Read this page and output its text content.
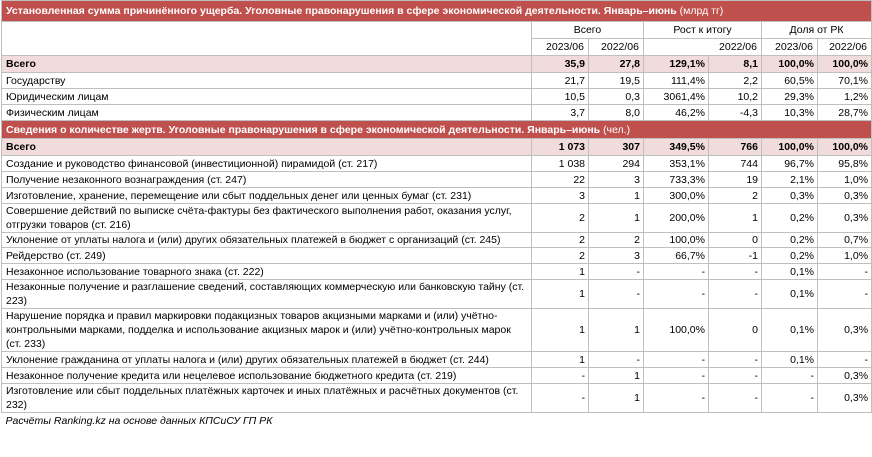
Установленная сумма причинённого ущерба. Уголовные правонарушения в сфере экономической деятельности. Январь–июнь (млрд тг)						
	Всего		Рост к итогу		Доля от РК	
	2023/06	2022/06	2022/06		2023/06	2022/06
Всего	35,9	27,8	129,1%	8,1	100,0%	100,0%
Государству	21,7	19,5	111,4%	2,2	60,5%	70,1%
Юридическим лицам	10,5	0,3	3061,4%	10,2	29,3%	1,2%
Физическим лицам	3,7	8,0	46,2%	-4,3	10,3%	28,7%
Сведения о количестве жертв. Уголовные правонарушения в сфере экономической деятельности. Январь–июнь (чел.)						
Всего	1 073	307	349,5%	766	100,0%	100,0%
Создание и руководство финансовой (инвестиционной) пирамидой (ст. 217)	1 038	294	353,1%	744	96,7%	95,8%
Получение незаконного вознаграждения (ст. 247)	22	3	733,3%	19	2,1%	1,0%
Изготовление, хранение, перемещение или сбыт поддельных денег или ценных бумаг (ст. 231)	3	1	300,0%	2	0,3%	0,3%
Совершение действий по выписке счёта-фактуры без фактического выполнения работ, оказания услуг, отгрузки товаров (ст. 216)	2	1	200,0%	1	0,2%	0,3%
Уклонение от уплаты налога и (или) других обязательных платежей в бюджет с организаций (ст. 245)	2	2	100,0%	0	0,2%	0,7%
Рейдерство (ст. 249)	2	3	66,7%	-1	0,2%	1,0%
Незаконное использование товарного знака (ст. 222)	1	-	-	-	0,1%	-
Незаконные получение и разглашение сведений, составляющих коммерческую или банковскую тайну (ст. 223)	1	-	-	-	0,1%	-
Нарушение порядка и правил маркировки подакцизных товаров акцизными марками и (или) учётно-контрольными марками, подделка и использование акцизных марок и (или) учётно-контрольных марок (ст. 233)	1	1	100,0%	0	0,1%	0,3%
Уклонение гражданина от уплаты налога и (или) других обязательных платежей в бюджет (ст. 244)	1	-	-	-	0,1%	-
Незаконное получение кредита или нецелевое использование бюджетного кредита (ст. 219)	-	1	-	-	-	0,3%
Изготовление или сбыт поддельных платёжных карточек и иных платёжных и расчётных документов (ст. 232)	-	1	-	-	-	0,3%
Расчёты Ranking.kz на основе данных КПСиСУ ГП РК						
